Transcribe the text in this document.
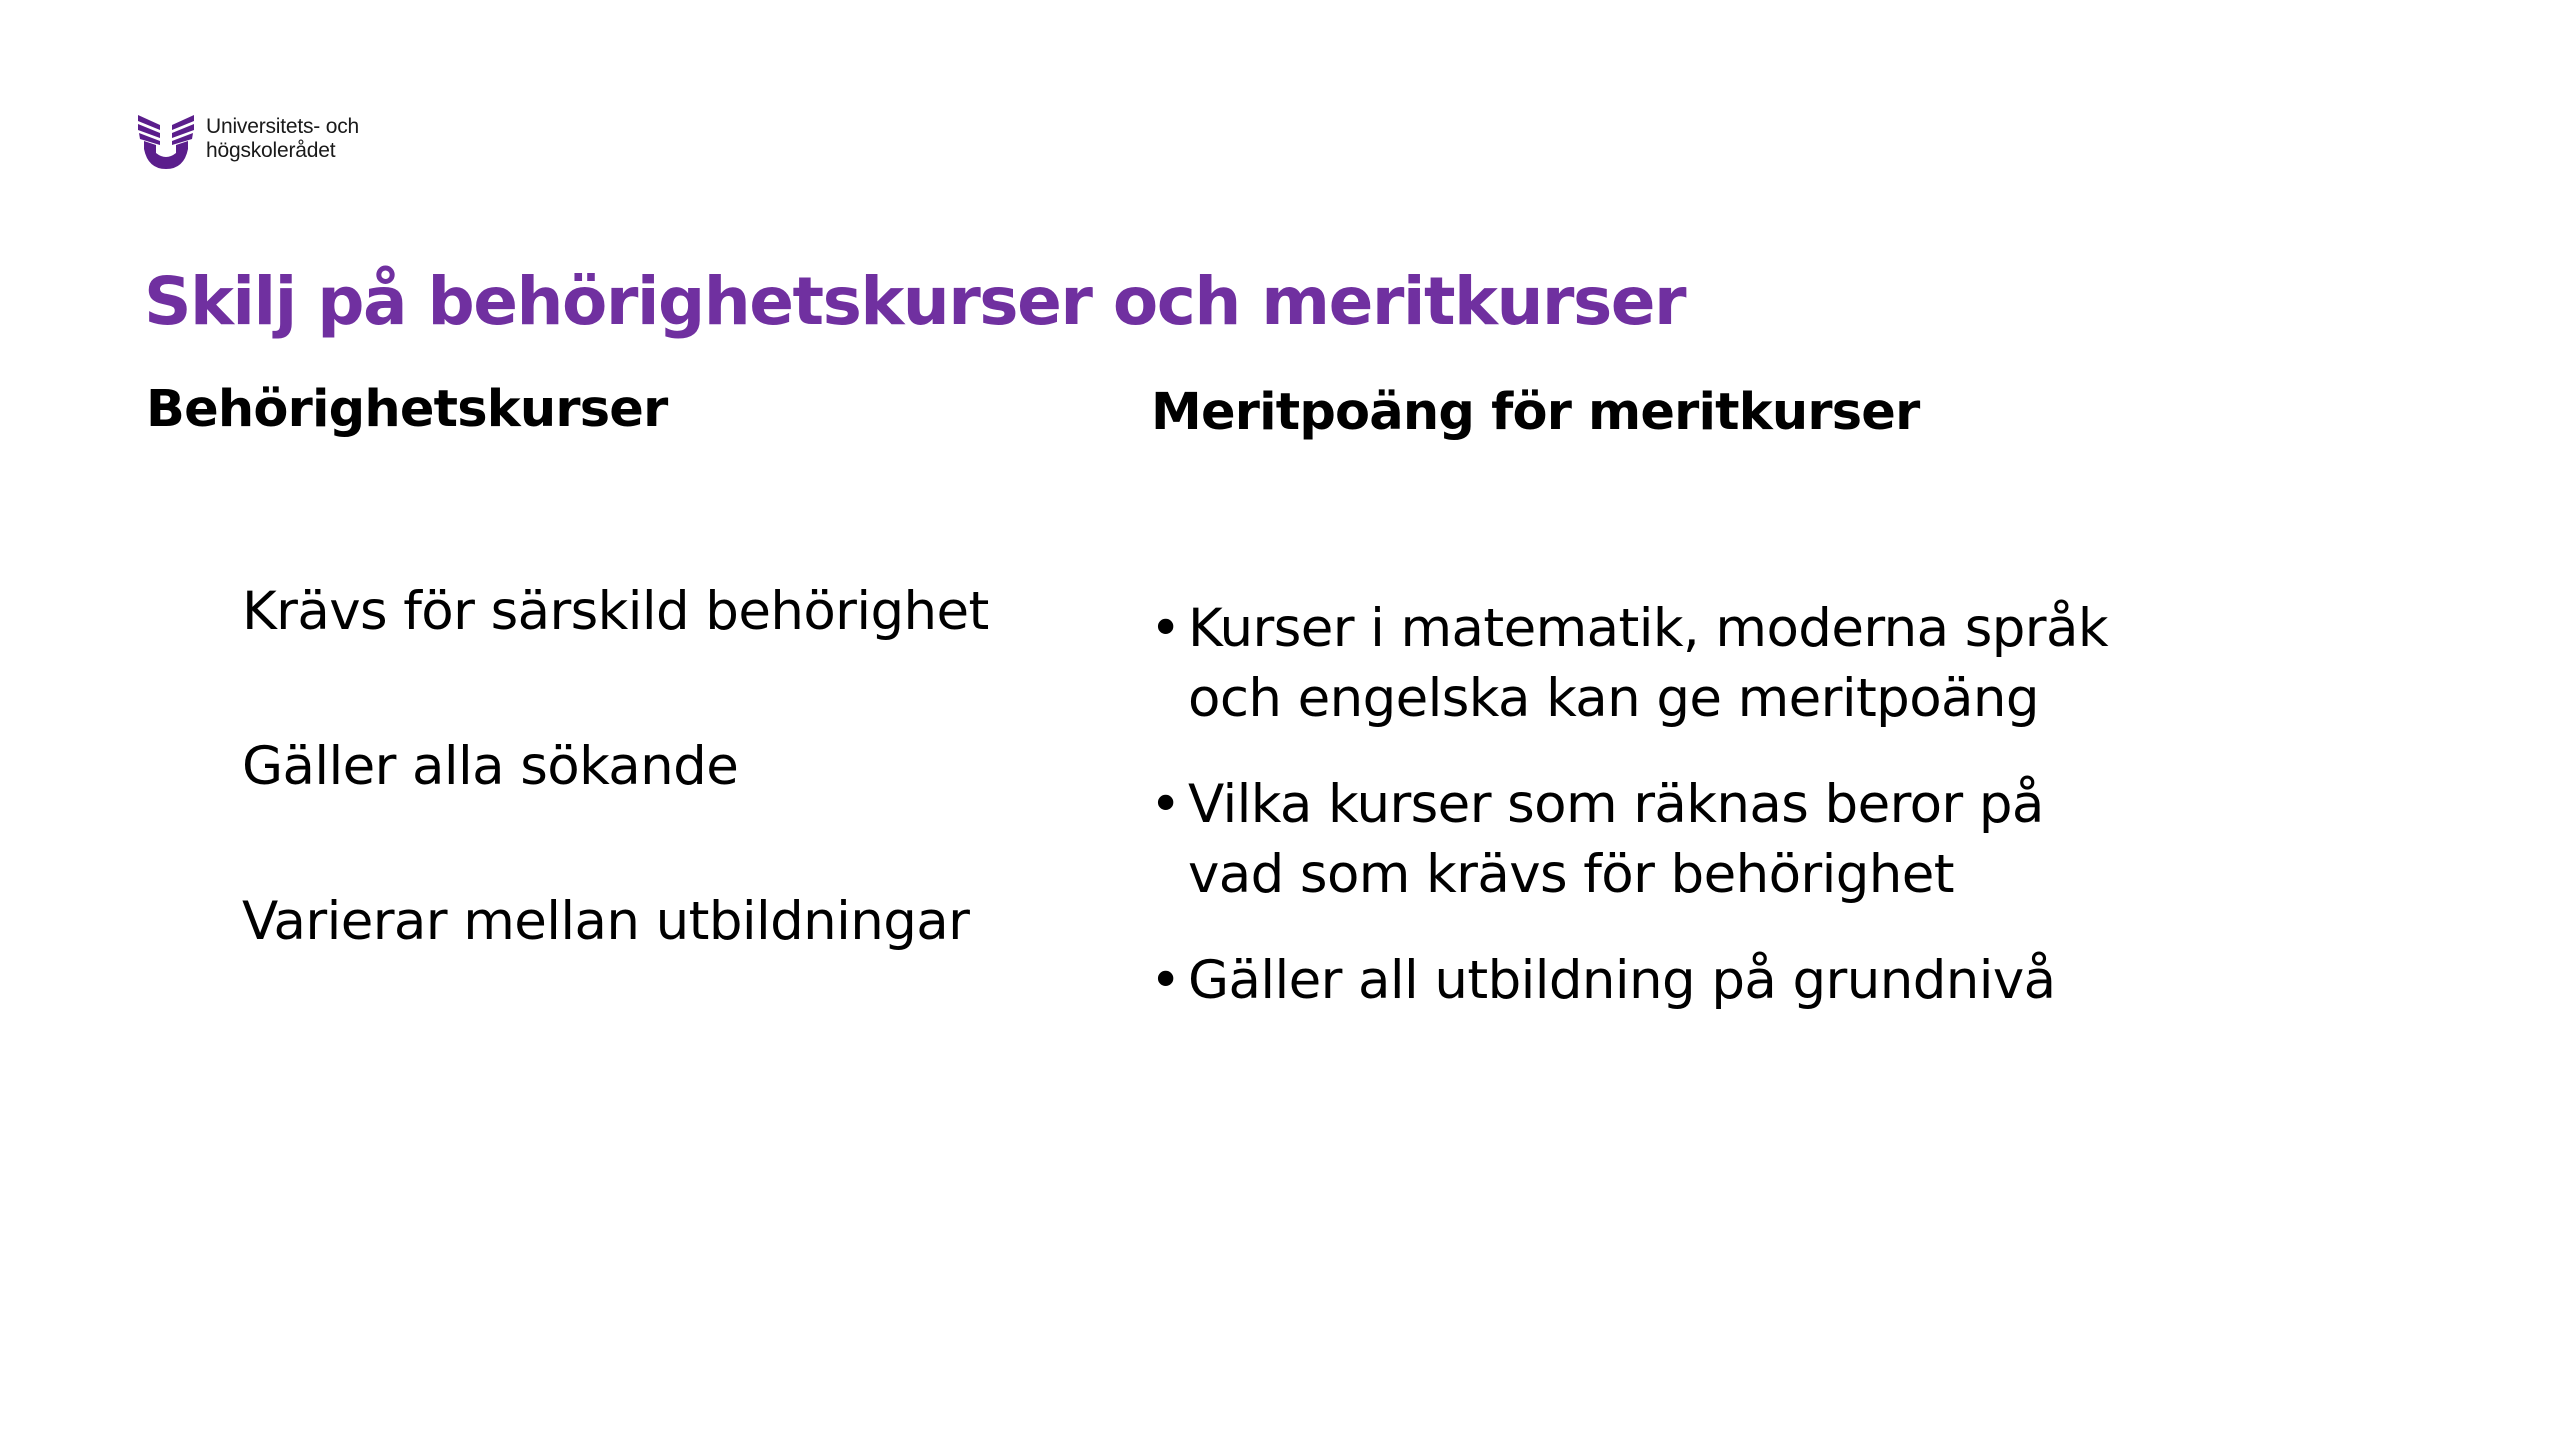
Universitets- och
högskolerådet
Skilj på behörighetskurser och meritkurser
Behörighetskurser	Meritpoäng för meritkurser
Krävs för särskild behörighet
Gäller alla sökande
Varierar mellan utbildningar
• Kurser i matematik, moderna språk och engelska kan ge meritpoäng
• Vilka kurser som räknas beror på vad som krävs för behörighet
• Gäller all utbildning på grundnivå
